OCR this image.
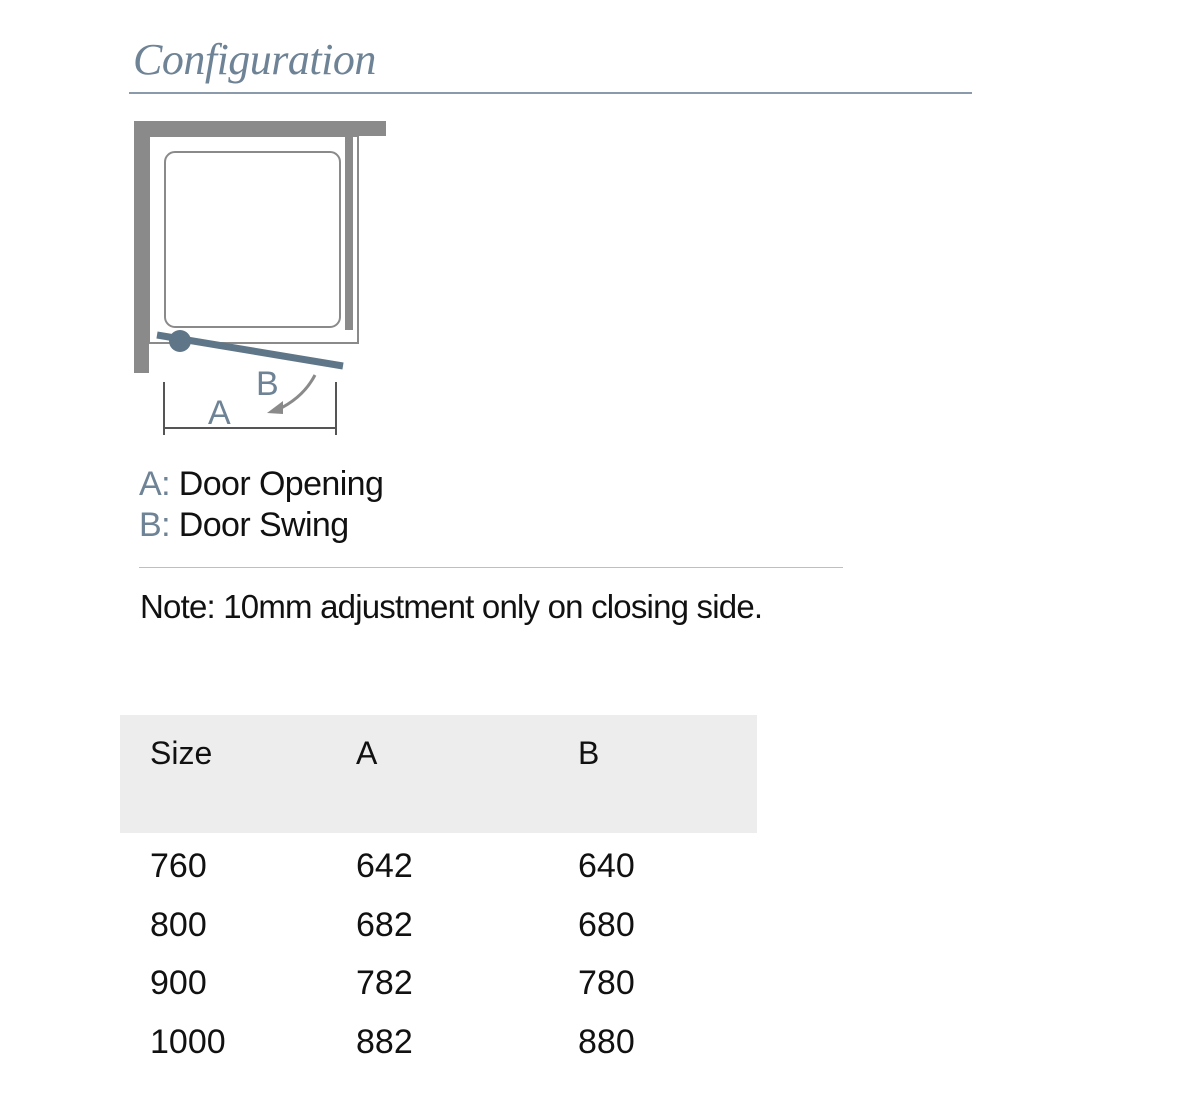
Configuration
A
B
A: Door Opening
B: Door Swing
Note: 10mm adjustment only on closing side.
Size	A	B
760	642	640
800	682	680
900	782	780
1000	882	880
